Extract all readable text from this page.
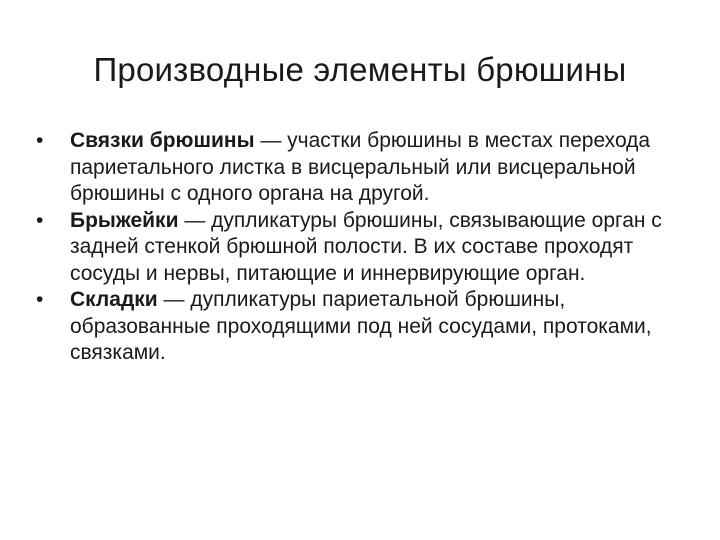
Производные элементы брюшины
• Связки брюшины — участки брюшины в местах перехода париетального листка в висцеральный или висцеральной брюшины с одного органа на другой.
• Брыжейки — дупликатуры брюшины, связывающие орган с задней стенкой брюшной полости. В их составе проходят сосуды и нервы, питающие и иннервирующие орган.
• Складки — дупликатуры париетальной брюшины, образованные проходящими под ней сосудами, протоками, связками.
